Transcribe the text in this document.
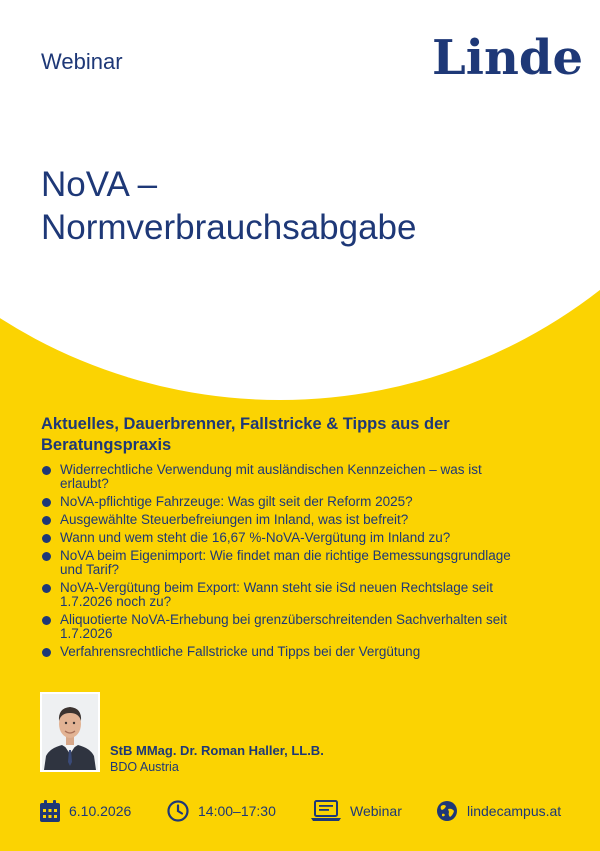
Webinar	Linde
NoVA –
Normverbrauchsabgabe
Aktuelles, Dauerbrenner, Fallstricke & Tipps aus der
Beratungspraxis
Widerrechtliche Verwendung mit ausländischen Kennzeichen – was ist
erlaubt?
NoVA-pflichtige Fahrzeuge: Was gilt seit der Reform 2025?
Ausgewählte Steuerbefreiungen im Inland, was ist befreit?
Wann und wem steht die 16,67 %-NoVA-Vergütung im Inland zu?
NoVA beim Eigenimport: Wie findet man die richtige Bemessungsgrundlage
und Tarif?
NoVA-Vergütung beim Export: Wann steht sie iSd neuen Rechtslage seit
1.7.2026 noch zu?
Aliquotierte NoVA-Erhebung bei grenzüberschreitenden Sachverhalten seit
1.7.2026
Verfahrensrechtliche Fallstricke und Tipps bei der Vergütung
StB MMag. Dr. Roman Haller, LL.B.
BDO Austria
6.10.2026	14:00–17:30	Webinar	lindecampus.at
